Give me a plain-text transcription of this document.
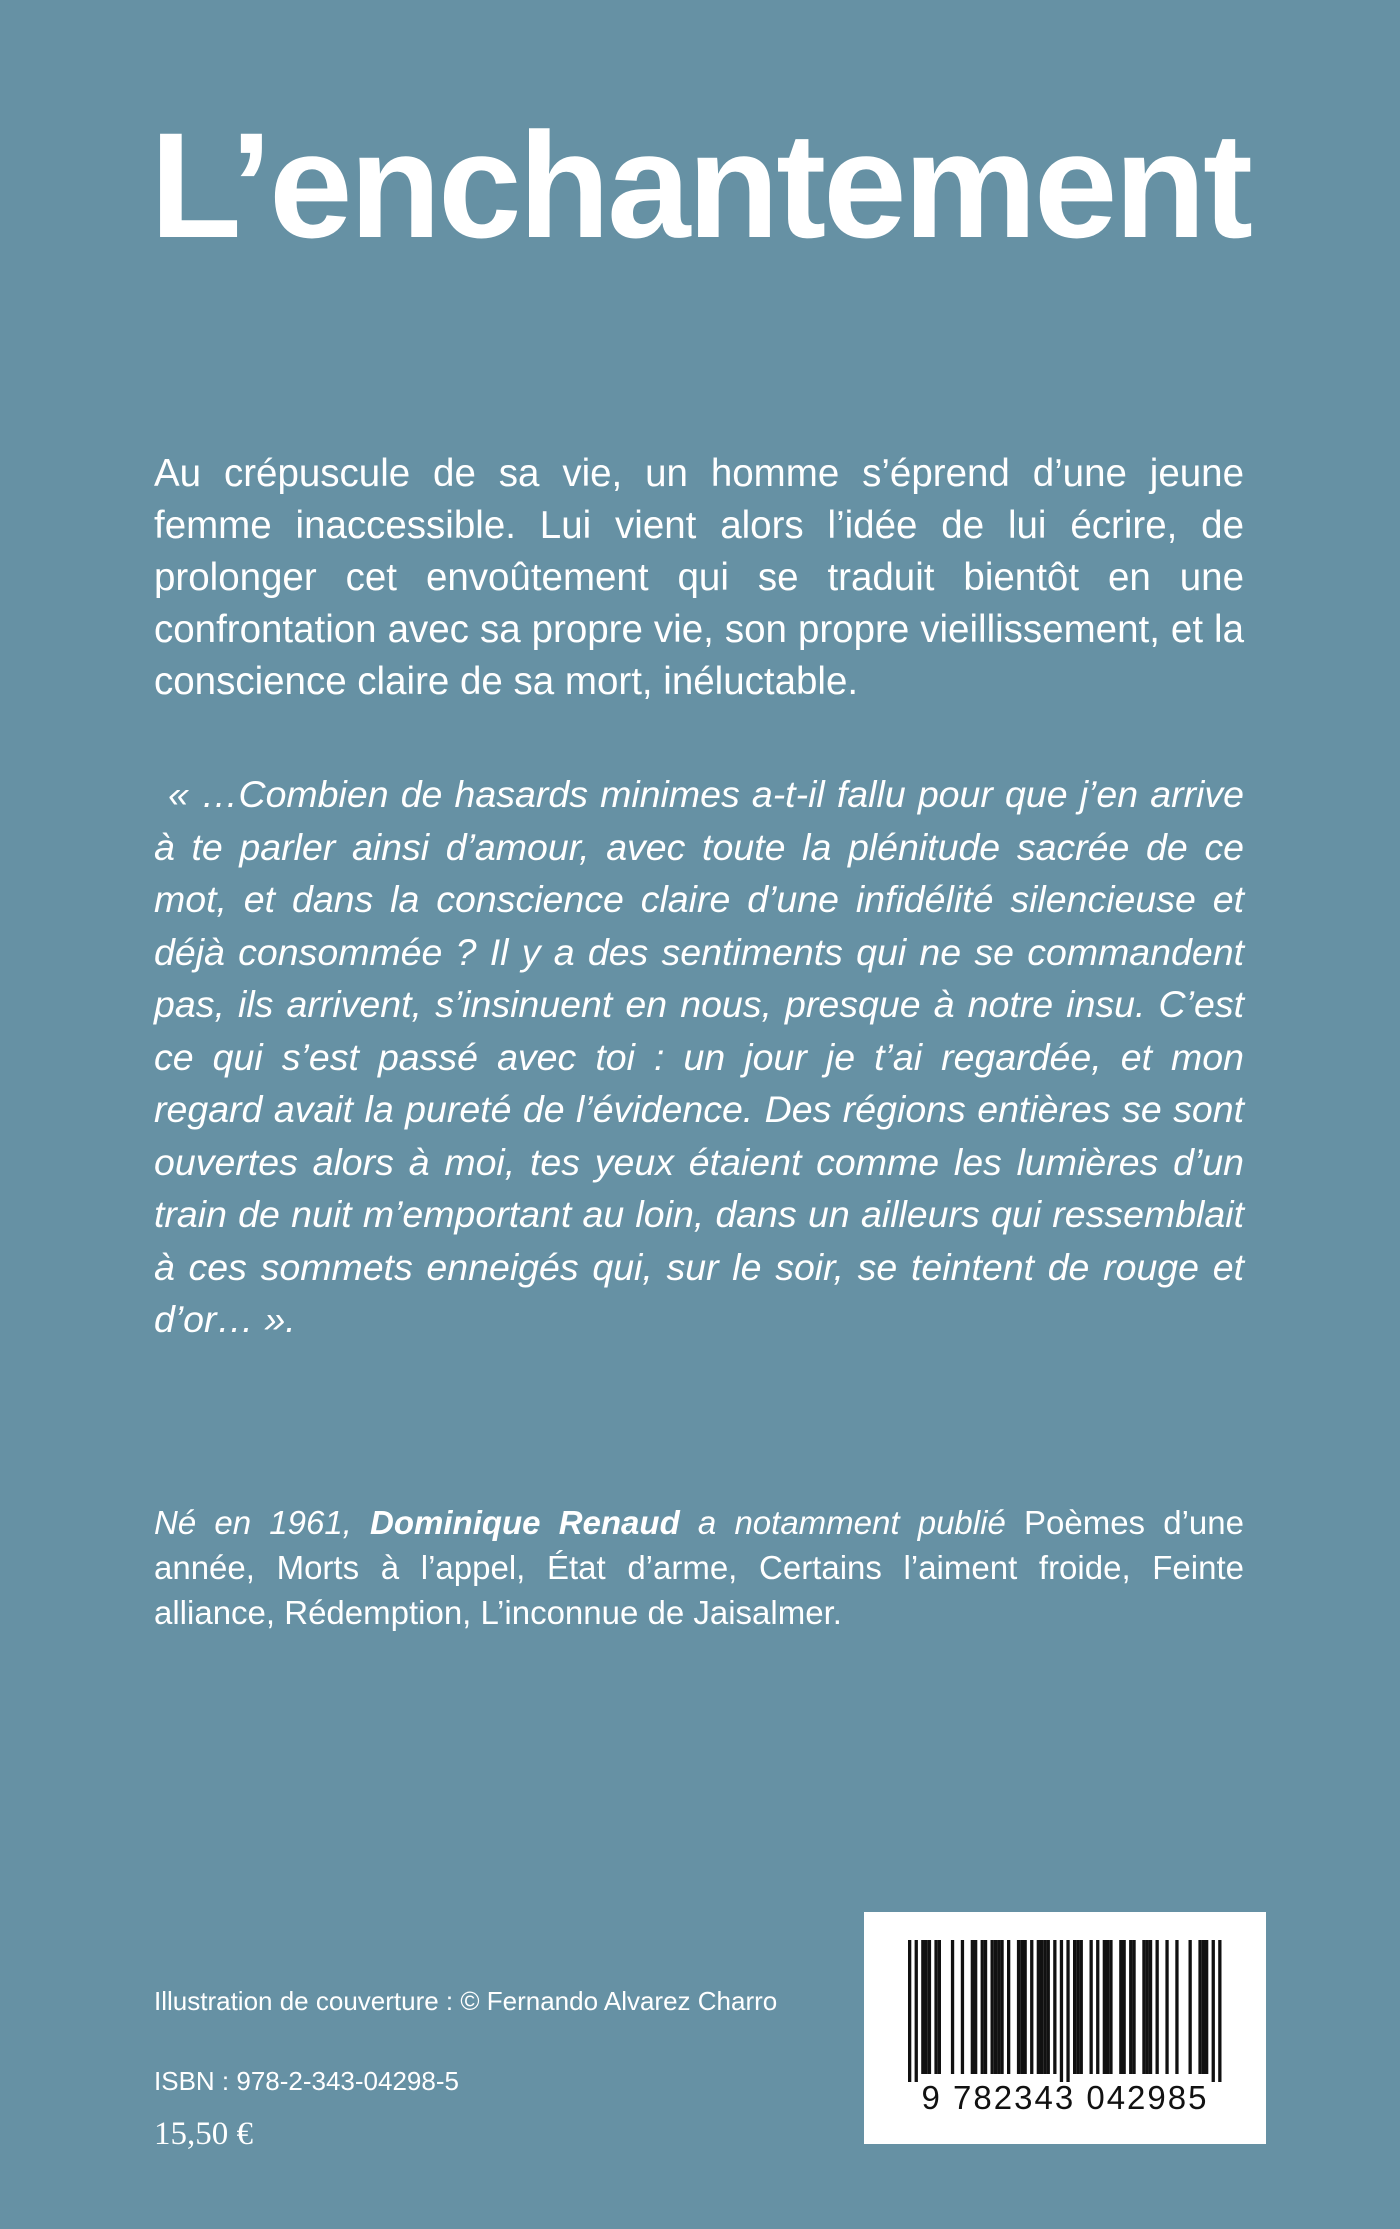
L’enchantement

Au crépuscule de sa vie, un homme s’éprend d’une jeune femme inaccessible. Lui vient alors l’idée de lui écrire, de prolonger cet envoûtement qui se traduit bientôt en une confrontation avec sa propre vie, son propre vieillissement, et la conscience claire de sa mort, inéluctable.

« …Combien de hasards minimes a-t-il fallu pour que j’en arrive à te parler ainsi d’amour, avec toute la plénitude sacrée de ce mot, et dans la conscience claire d’une infidélité silencieuse et déjà consommée ? Il y a des sentiments qui ne se commandent pas, ils arrivent, s’insinuent en nous, presque à notre insu. C’est ce qui s’est passé avec toi : un jour je t’ai regardée, et mon regard avait la pureté de l’évidence. Des régions entières se sont ouvertes alors à moi, tes yeux étaient comme les lumières d’un train de nuit m’emportant au loin, dans un ailleurs qui ressemblait à ces sommets enneigés qui, sur le soir, se teintent de rouge et d’or… ».

Né en 1961, Dominique Renaud a notamment publié Poèmes d’une année, Morts à l’appel, État d’arme, Certains l’aiment froide, Feinte alliance, Rédemption, L’inconnue de Jaisalmer.

Illustration de couverture : © Fernando Alvarez Charro
ISBN : 978-2-343-04298-5
15,50 €
9 782343 042985
